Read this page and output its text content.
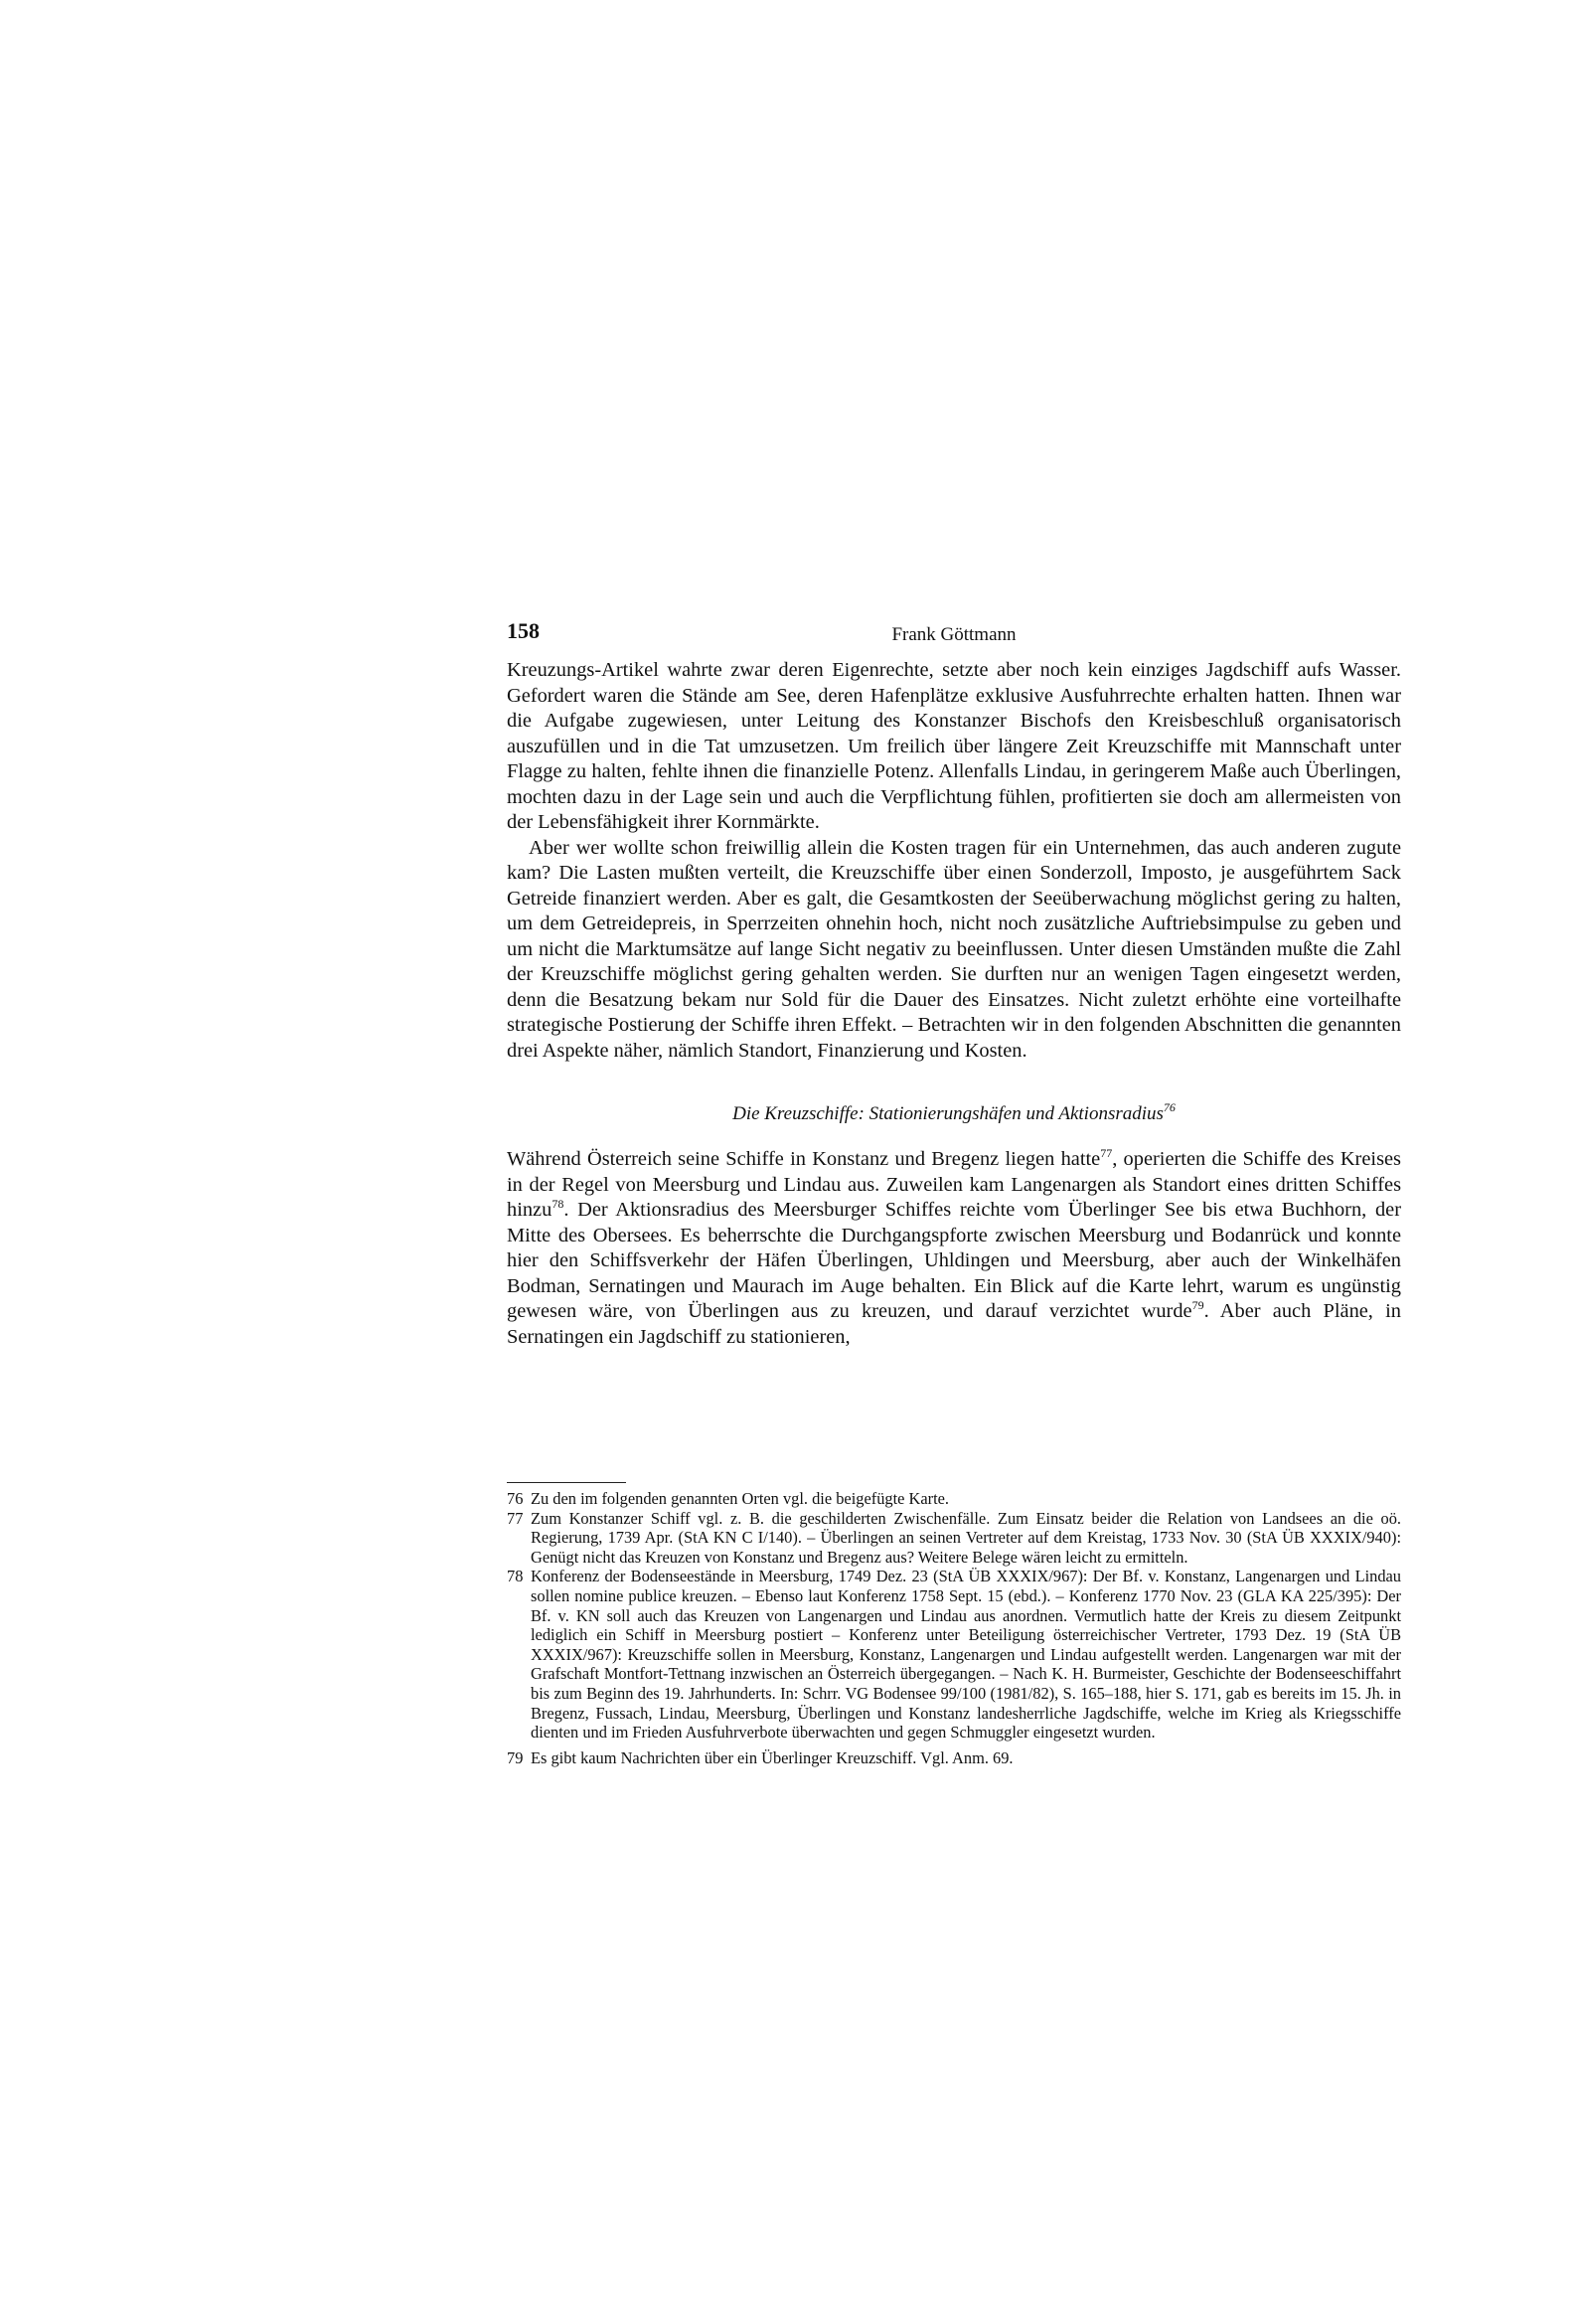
158	Frank Göttmann

Kreuzungs-Artikel wahrte zwar deren Eigenrechte, setzte aber noch kein einziges Jagdschiff aufs Wasser. Gefordert waren die Stände am See, deren Hafenplätze exklusive Ausfuhrrechte erhalten hatten. Ihnen war die Aufgabe zugewiesen, unter Leitung des Konstanzer Bischofs den Kreisbeschluß organisatorisch auszufüllen und in die Tat umzusetzen. Um freilich über längere Zeit Kreuzschiffe mit Mannschaft unter Flagge zu halten, fehlte ihnen die finanzielle Potenz. Allenfalls Lindau, in geringerem Maße auch Überlingen, mochten dazu in der Lage sein und auch die Verpflichtung fühlen, profitierten sie doch am allermeisten von der Lebensfähigkeit ihrer Kornmärkte.

Aber wer wollte schon freiwillig allein die Kosten tragen für ein Unternehmen, das auch anderen zugute kam? Die Lasten mußten verteilt, die Kreuzschiffe über einen Sonderzoll, Imposto, je ausgeführtem Sack Getreide finanziert werden. Aber es galt, die Gesamtkosten der Seeüberwachung möglichst gering zu halten, um dem Getreidepreis, in Sperrzeiten ohnehin hoch, nicht noch zusätzliche Auftriebsimpulse zu geben und um nicht die Marktumsätze auf lange Sicht negativ zu beeinflussen. Unter diesen Umständen mußte die Zahl der Kreuzschiffe möglichst gering gehalten werden. Sie durften nur an wenigen Tagen eingesetzt werden, denn die Besatzung bekam nur Sold für die Dauer des Einsatzes. Nicht zuletzt erhöhte eine vorteilhafte strategische Postierung der Schiffe ihren Effekt. – Betrachten wir in den folgenden Abschnitten die genannten drei Aspekte näher, nämlich Standort, Finanzierung und Kosten.

Die Kreuzschiffe: Stationierungshäfen und Aktionsradius$^{76}$

Während Österreich seine Schiffe in Konstanz und Bregenz liegen hatte$^{77}$, operierten die Schiffe des Kreises in der Regel von Meersburg und Lindau aus. Zuweilen kam Langenargen als Standort eines dritten Schiffes hinzu$^{78}$. Der Aktionsradius des Meersburger Schiffes reichte vom Überlinger See bis etwa Buchhorn, der Mitte des Obersees. Es beherrschte die Durchgangspforte zwischen Meersburg und Bodanrück und konnte hier den Schiffsverkehr der Häfen Überlingen, Uhldingen und Meersburg, aber auch der Winkelhäfen Bodman, Sernatingen und Maurach im Auge behalten. Ein Blick auf die Karte lehrt, warum es ungünstig gewesen wäre, von Überlingen aus zu kreuzen, und darauf verzichtet wurde$^{79}$. Aber auch Pläne, in Sernatingen ein Jagdschiff zu stationieren,

76 Zu den im folgenden genannten Orten vgl. die beigefügte Karte.
77 Zum Konstanzer Schiff vgl. z. B. die geschilderten Zwischenfälle. Zum Einsatz beider die Relation von Landsees an die oö. Regierung, 1739 Apr. (StA KN C I/140). – Überlingen an seinen Vertreter auf dem Kreistag, 1733 Nov. 30 (StA ÜB XXXIX/940): Genügt nicht das Kreuzen von Konstanz und Bregenz aus? Weitere Belege wären leicht zu ermitteln.
78 Konferenz der Bodenseestände in Meersburg, 1749 Dez. 23 (StA ÜB XXXIX/967): Der Bf. v. Konstanz, Langenargen und Lindau sollen nomine publice kreuzen. – Ebenso laut Konferenz 1758 Sept. 15 (ebd.). – Konferenz 1770 Nov. 23 (GLA KA 225/395): Der Bf. v. KN soll auch das Kreuzen von Langenargen und Lindau aus anordnen. Vermutlich hatte der Kreis zu diesem Zeitpunkt lediglich ein Schiff in Meersburg postiert – Konferenz unter Beteiligung österreichischer Vertreter, 1793 Dez. 19 (StA ÜB XXXIX/967): Kreuzschiffe sollen in Meersburg, Konstanz, Langenargen und Lindau aufgestellt werden. Langenargen war mit der Grafschaft Montfort-Tettnang inzwischen an Österreich übergegangen. – Nach K. H. Burmeister, Geschichte der Bodenseeschiffahrt bis zum Beginn des 19. Jahrhunderts. In: Schrr. VG Bodensee 99/100 (1981/82), S. 165–188, hier S. 171, gab es bereits im 15. Jh. in Bregenz, Fussach, Lindau, Meersburg, Überlingen und Konstanz landesherrliche Jagdschiffe, welche im Krieg als Kriegsschiffe dienten und im Frieden Ausfuhrverbote überwachten und gegen Schmuggler eingesetzt wurden.
79 Es gibt kaum Nachrichten über ein Überlinger Kreuzschiff. Vgl. Anm. 69.
